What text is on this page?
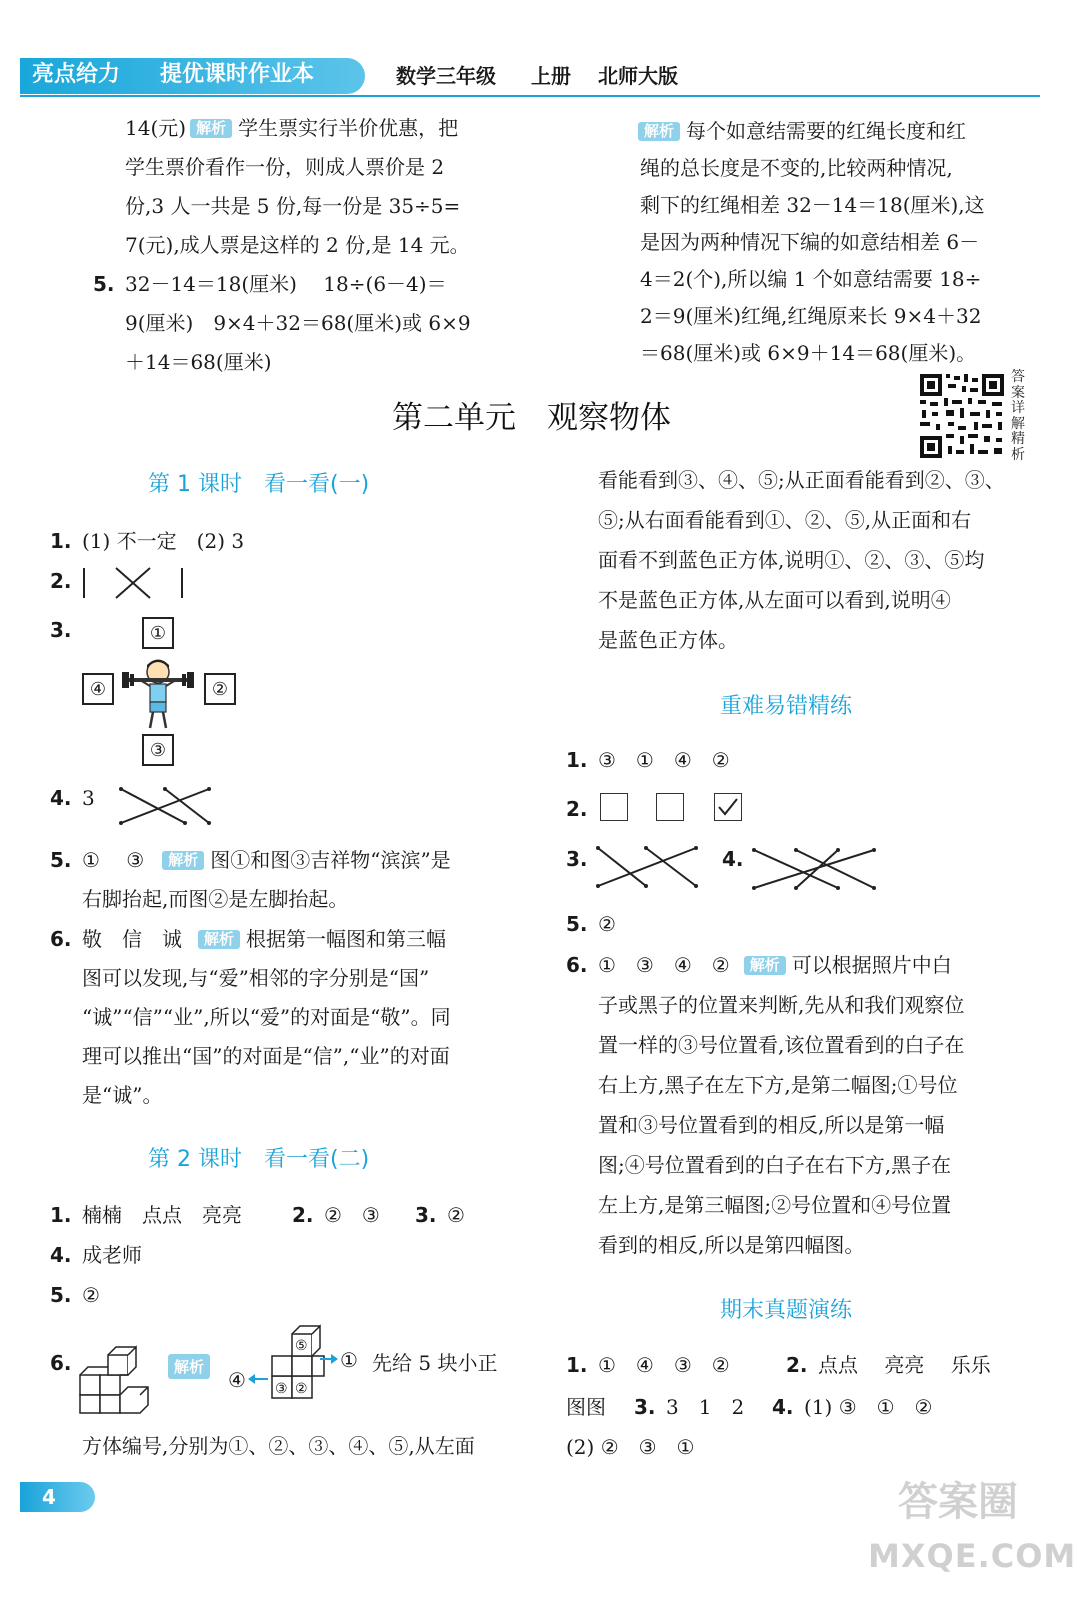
亮点给力 提优课时作业本	数学三年级 上册 北师大版
14(元) 解析 学生票实行半价优惠，把
学生票价看作一份，则成人票价是 2
份,3 人一共是 5 份,每一份是 35÷5=
7(元),成人票是这样的 2 份,是 14 元。
5. 32－14＝18(厘米)　 18÷(6－4)＝
9(厘米)　9×4＋32＝68(厘米)或 6×9
＋14＝68(厘米)
解析 每个如意结需要的红绳长度和红
绳的总长度是不变的,比较两种情况,
剩下的红绳相差 32－14＝18(厘米),这
是因为两种情况下编的如意结相差 6－
4＝2(个),所以编 1 个如意结需要 18÷
2＝9(厘米)红绳,红绳原来长 9×4＋32
＝68(厘米)或 6×9＋14＝68(厘米)。
答案详解精析
第二单元　观察物体
第 1 课时　看一看(一)
1. (1) 不一定　(2) 3
2.
3.	①
②
③
④
4. 3
5. ①　 ③ 解析 图①和图③吉祥物“滨滨”是
右脚抬起,而图②是左脚抬起。
6. 敬　信　诚 解析 根据第一幅图和第三幅
图可以发现,与“爱”相邻的字分别是“国”
“诚”“信”“业”,所以“爱”的对面是“敬”。同
理可以推出“国”的对面是“信”,“业”的对面
是“诚”。
第 2 课时　看一看(二)
1. 楠楠　点点　亮亮	2. ②　③ 3. ②
4. 成老师
5. ②
6.	解析
④ ③ ②
⑤
① 先给 5 块小正
方体编号,分别为①、②、③、④、⑤,从左面
看能看到③、④、⑤;从正面看能看到②、③、
⑤;从右面看能看到①、②、⑤,从正面和右
面看不到蓝色正方体,说明①、②、③、⑤均
不是蓝色正方体,从左面可以看到,说明④
是蓝色正方体。
重难易错精练
1. ③　①　④　②
2.
3.	4.
5. ②
6. ①　③　④　② 解析 可以根据照片中白
子或黑子的位置来判断,先从和我们观察位
置一样的③号位置看,该位置看到的白子在
右上方,黑子在左下方,是第二幅图;①号位
置和③号位置看到的相反,所以是第一幅
图;④号位置看到的白子在右下方,黑子在
左上方,是第三幅图;②号位置和④号位置
看到的相反,所以是第四幅图。
期末真题演练
1. ①　④　③　②	2. 点点　 亮亮　 乐乐
图图 3. 3　1　2 4. (1) ③　①　②
(2) ②　③　①
4	答案圈
MXQE.COM
